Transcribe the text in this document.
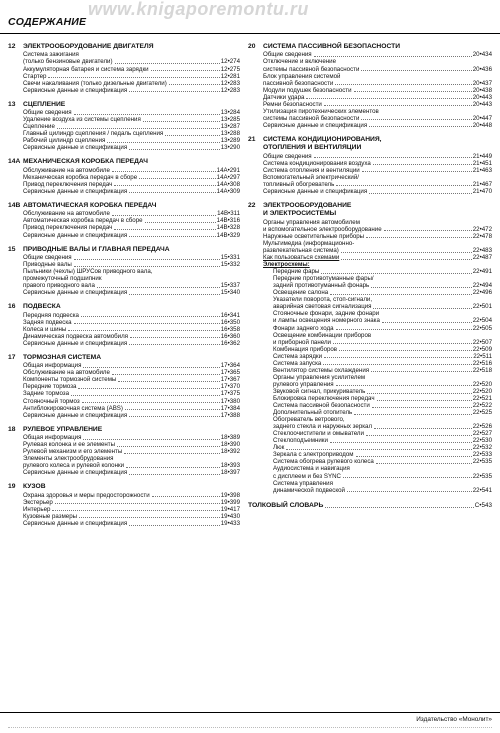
www.knigaporemontu.ru
СОДЕРЖАНИЕ
12	ЭЛЕКТРООБОРУДОВАНИЕ ДВИГАТЕЛЯ
Система зажигания
(только бензиновые двигатели)	12•274
Аккумуляторная батарея и система зарядки	12•275
Стартер	12•281
Свечи накаливания (только дизельные двигатели)	12•283
Сервисные данные и спецификация	12•283
13	СЦЕПЛЕНИЕ
Общие сведения	13•284
Удаление воздуха из системы сцепления	13•285
Сцепление	13•287
Главный цилиндр сцепления / педаль сцепления	13•288
Рабочий цилиндр сцепления	13•289
Сервисные данные и спецификация	13•290
14A МЕХАНИЧЕСКАЯ КОРОБКА ПЕРЕДАЧ
Обслуживание на автомобиле	14A•291
Механическая коробка передач в сборе	14A•297
Привод переключения передач	14A•308
Сервисные данные и спецификация	14A•309
14B АВТОМАТИЧЕСКАЯ КОРОБКА ПЕРЕДАЧ
Обслуживание на автомобиле	14B•311
Автоматическая коробка передач в сборе	14B•316
Привод переключения передач	14B•328
Сервисные данные и спецификация	14B•329
15	ПРИВОДНЫЕ ВАЛЫ И ГЛАВНАЯ ПЕРЕДАЧА
Общие сведения	15•331
Приводные валы	15•332
Пыльники (чехлы) ШРУСов приводного вала,
промежуточный подшипник
правого приводного вала	15•337
Сервисные данные и спецификация	15•340
16	ПОДВЕСКА
Передняя подвеска	16•341
Задняя подвеска	16•350
Колеса и шины	16•358
Динамическая подвеска автомобиля	16•360
Сервисные данные и спецификация	16•362
17	ТОРМОЗНАЯ СИСТЕМА
Общая информация	17•364
Обслуживание на автомобиле	17•365
Компоненты тормозной системы	17•367
Передние тормоза	17•370
Задние тормоза	17•375
Стояночный тормоз	17•380
Антиблокировочная система (ABS)	17•384
Сервисные данные и спецификация	17•388
18	РУЛЕВОЕ УПРАВЛЕНИЕ
Общая информация	18•389
Рулевая колонка и ее элементы	18•390
Рулевой механизм и его элементы	18•392
Элементы электрообрудования
рулевого колеса и рулевой колонки	18•393
Сервисные данные и спецификация	18•397
19	КУЗОВ
Охрана здоровья и меры предосторожности	19•398
Экстерьер	19•399
Интерьер	19•417
Кузовные размеры	19•430
Сервисные данные и спецификация	19•433
20	СИСТЕМА ПАССИВНОЙ БЕЗОПАСНОСТИ
Общие сведения	20•434
Отключение и включение
системы пассивной безопасности	20•436
Блок управления системой
пассивной безопасности	20•437
Модули подушек безопасности	20•438
Датчики удара	20•443
Ремни безопасности	20•443
Утилизация пиротехнических элементов
системы пассивной безопасности	20•447
Сервисные данные и спецификация	20•448
21	СИСТЕМА КОНДИЦИОНИРОВАНИЯ,
ОТОПЛЕНИЯ И ВЕНТИЛЯЦИИ
Общие сведения	21•449
Система кондиционирования воздуха	21•451
Система отопления и вентиляции	21•463
Вспомогательный электрический/
топливный обогреватель	21•467
Сервисные данные и спецификация	21•470
22	ЭЛЕКТРООБОРУДОВАНИЕ
И ЭЛЕКТРОСИСТЕМЫ
Органы управления автомобилем
и вспомогательное электрооборудование	22•472
Наружные осветительные приборы	22•478
Мультимедиа (информационно-
развлекательная система)	22•483
Как пользоваться схемами	22•487
Электросхемы:
Передние фары	22•491
Передние противотуманные фары/
задний противотуманный фонарь	22•494
Освещение салона	22•496
Указатели поворота, стоп-сигнали,
аварийная световая сигнализация	22•501
Стояночные фонари, задние фонари
и лампы освещения номерного знака	22•504
Фонари заднего хода	22•505
Освещение комбинации приборов
и приборной панели	22•507
Комбинация приборов	22•509
Система зарядки	22•511
Система запуска	22•516
Вентилятор системы охлаждения	22•518
Органы управления усилителем
рулевого управления	22•520
Звуковой сигнал, прикуриватель	22•520
Блокировка переключения передач	22•521
Система пассивной безопасности	22•522
Дополнительный отопитель	22•525
Обогреватель ветрового,
заднего стекла и наружных зеркал	22•526
Стеклоочистители и омыватели	22•527
Стеклоподъемники	22•530
Люк	22•532
Зеркала с электроприводом	22•533
Система обогрева рулевого колеса	22•535
Аудиосистема и навигация
с дисплеем и без SYNC	22•535
Система управления
динамической подвеской	22•541
ТОЛКОВЫЙ СЛОВАРЬ	С•543
Издательство «Монолит»
